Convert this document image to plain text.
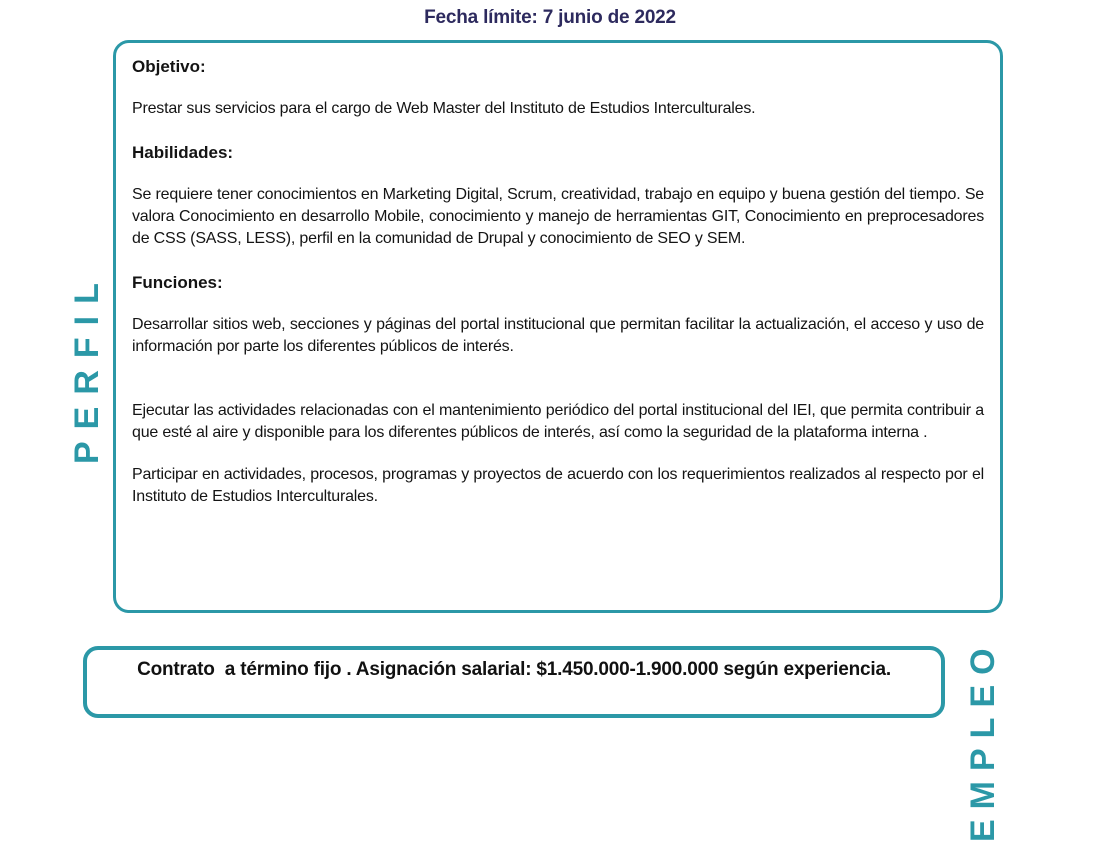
Fecha límite: 7 junio de 2022
Objetivo:

Prestar sus servicios para el cargo de Web Master del Instituto de Estudios Interculturales.

Habilidades:

Se requiere tener conocimientos en Marketing Digital, Scrum, creatividad, trabajo en equipo y buena gestión del tiempo. Se valora Conocimiento en desarrollo Mobile, conocimiento y manejo de herramientas GIT, Conocimiento en preprocesadores de CSS (SASS, LESS), perfil en la comunidad de Drupal y conocimiento de SEO y SEM.

Funciones:

Desarrollar sitios web, secciones y páginas del portal institucional que permitan facilitar la actualización, el acceso y uso de información por parte los diferentes públicos de interés.

Ejecutar las actividades relacionadas con el mantenimiento periódico del portal institucional del IEI, que permita contribuir a que esté al aire y disponible para los diferentes públicos de interés, así como la seguridad de la plataforma interna .

Participar en actividades, procesos, programas y proyectos de acuerdo con los requerimientos realizados al respecto por el Instituto de Estudios Interculturales.

PERFIL
Contrato  a término fijo . Asignación salarial: $1.450.000-1.900.000 según experiencia.	EMPLEO
